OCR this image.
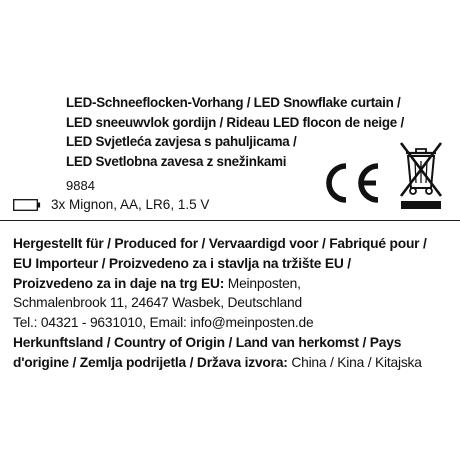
LED-Schneeflocken-Vorhang / LED Snowflake curtain /
LED sneeuwvlok gordijn / Rideau LED flocon de neige /
LED Svjetleća zavjesa s pahuljicama /
LED Svetlobna zavesa z snežinkami
9884
3x Mignon, AA, LR6, 1.5 V
Hergestellt für / Produced for / Vervaardigd voor / Fabriqué pour /
EU Importeur / Proizvedeno za i stavlja na tržište EU /
Proizvedeno za in daje na trg EU: Meinposten,
Schmalenbrook 11, 24647 Wasbek, Deutschland
Tel.: 04321 - 9631010, Email: info@meinposten.de
Herkunftsland / Country of Origin / Land van herkomst / Pays
d'origine / Zemlja podrijetla / Država izvora: China / Kina / Kitajska
